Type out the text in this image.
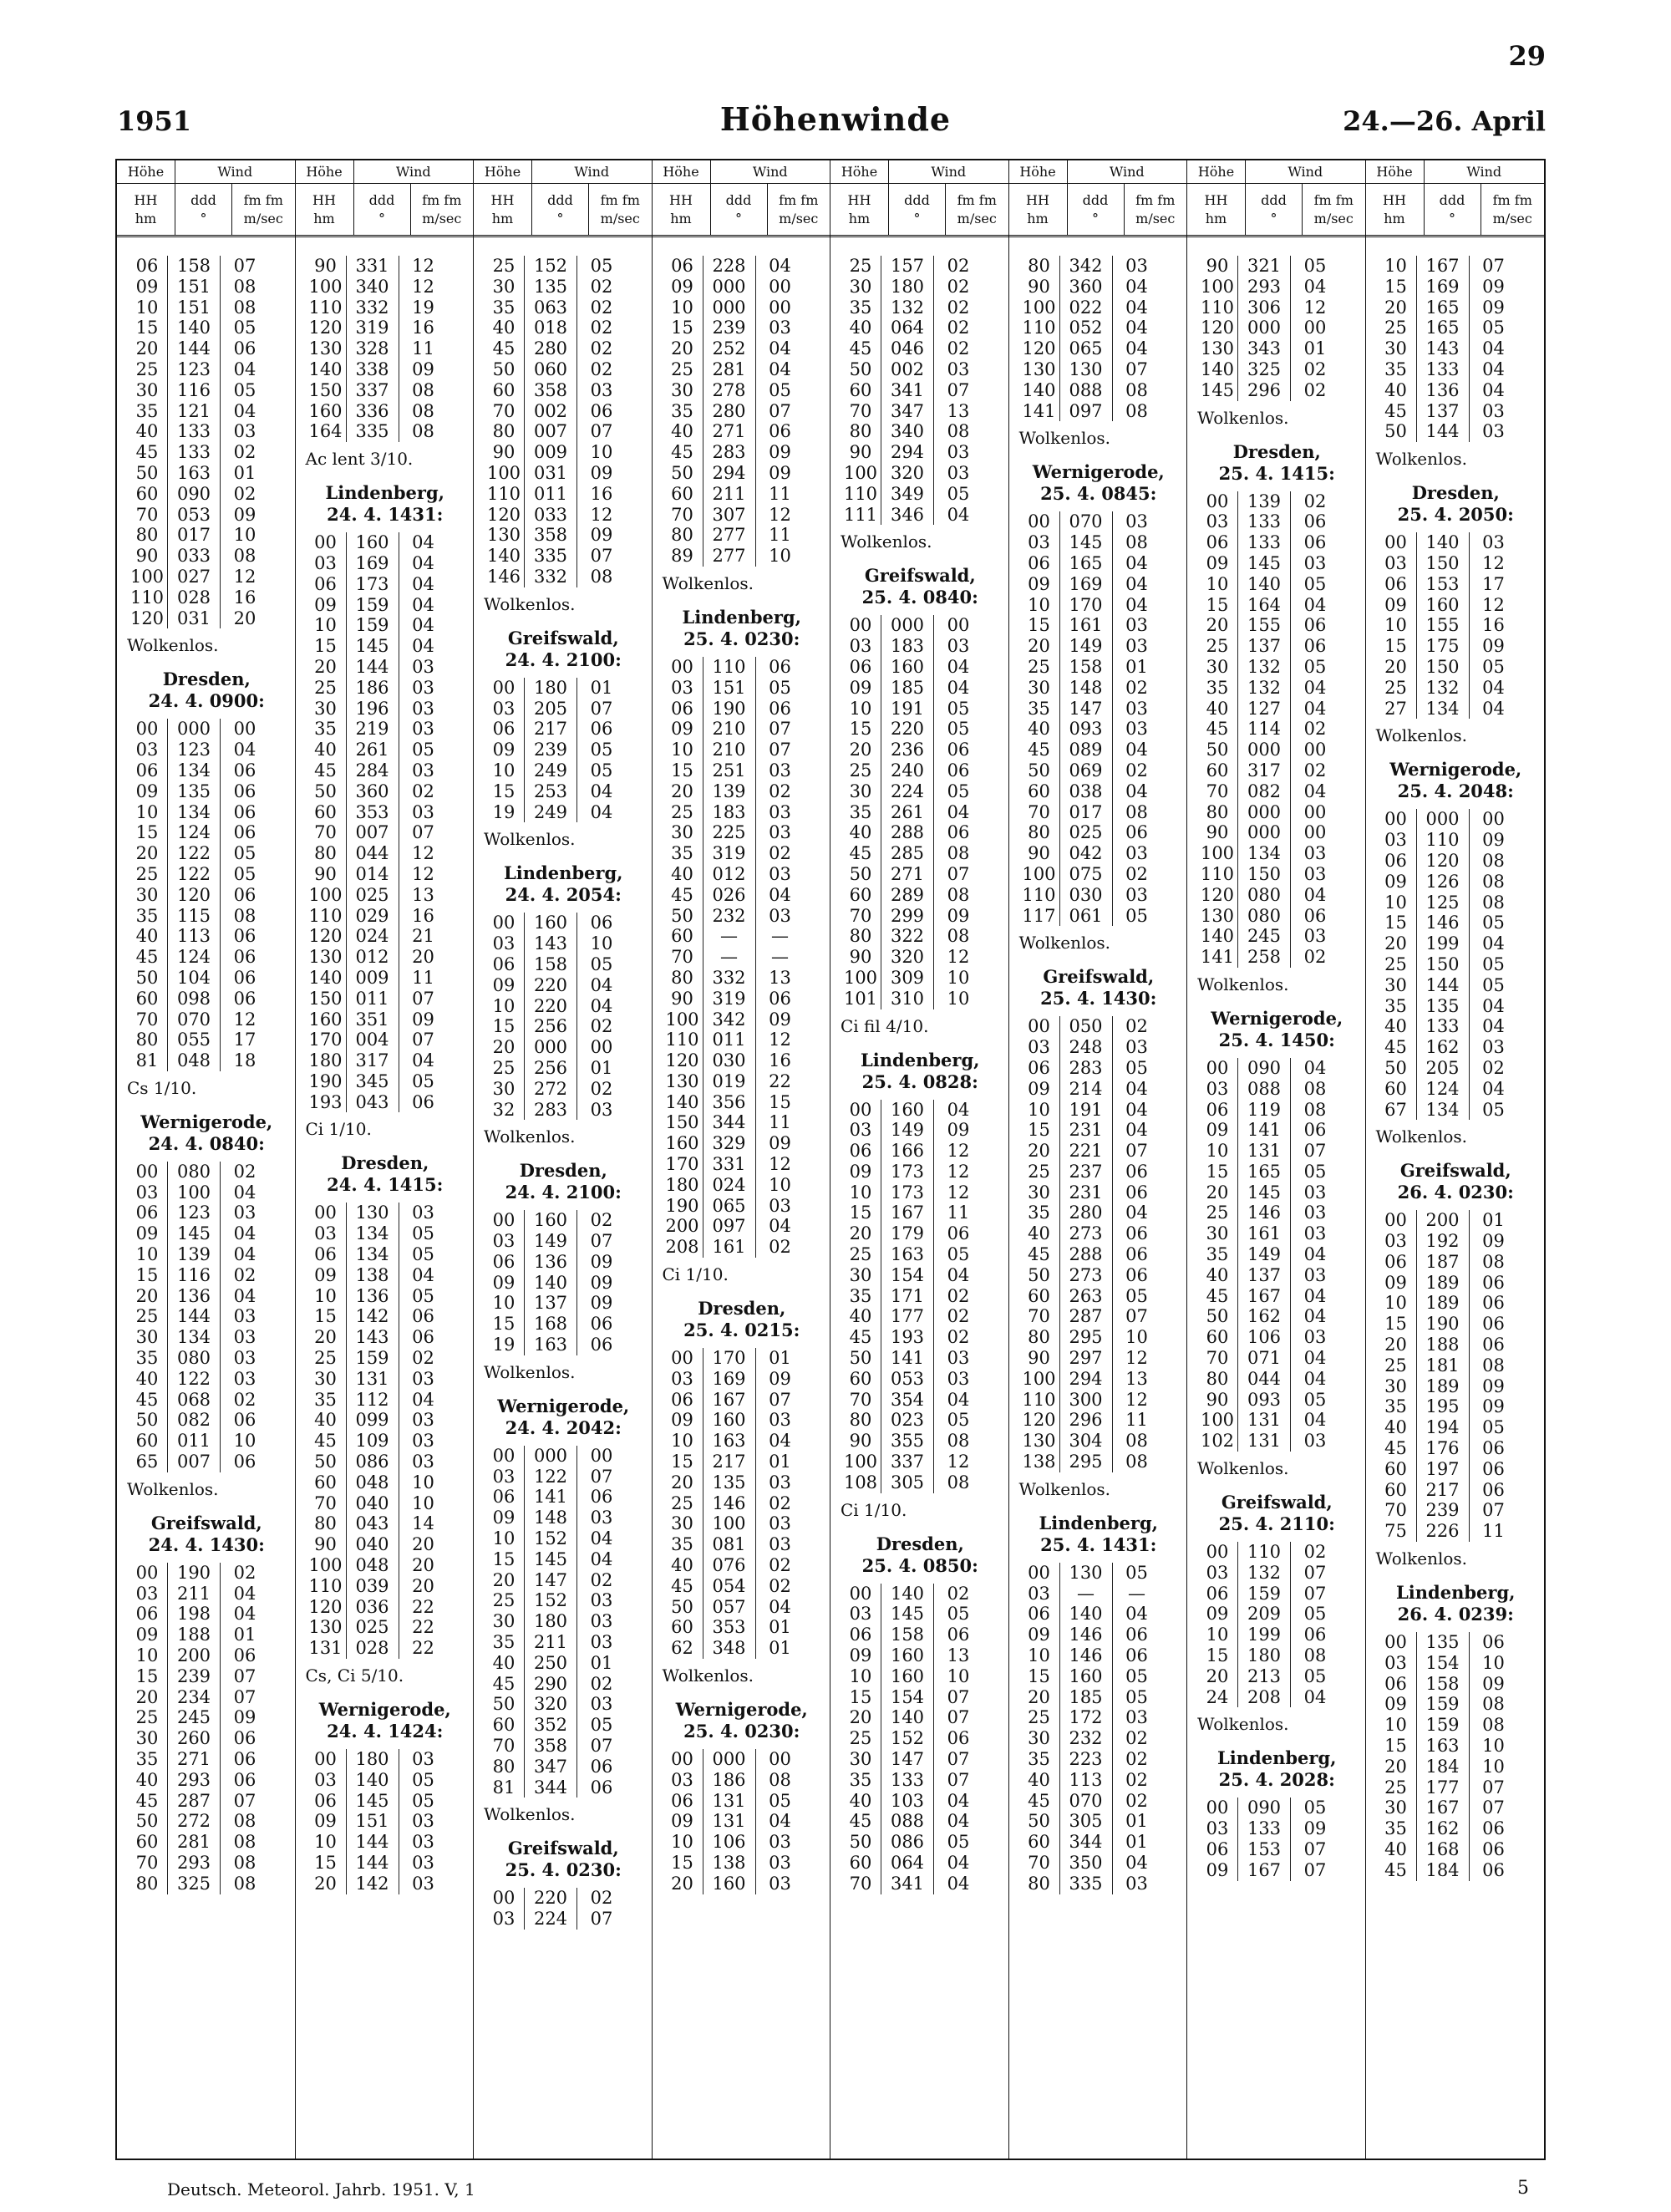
29
1951	Höhenwinde	24.—26. April
Höhe
HH
hm
Wind
ddd
°
fm fm
m/sec
06	158	07
09	151	08
10	151	08
15	140	05
20	144	06
25	123	04
30	116	05
35	121	04
40	133	03
45	133	02
50	163	01
60	090	02
70	053	09
80	017	10
90	033	08
100 027	12
110 028	16
120 031	20
Wolkenlos.
Dresden,
24. 4. 0900:
00	000	00
03	123	04
06	134	06
09	135	06
10	134	06
15	124	06
20	122	05
25	122	05
30	120	06
35	115	08
40	113	06
45	124	06
50	104	06
60	098	06
70	070	12
80	055	17
81	048	18
Cs 1/10.
Wernigerode,
24. 4. 0840:
00	080	02
03	100	04
06	123	03
09	145	04
10	139	04
15	116	02
20	136	04
25	144	03
30	134	03
35	080	03
40	122	03
45	068	02
50	082	06
60	011	10
65	007	06
Wolkenlos.
Greifswald,
24. 4. 1430:
00	190	02
03	211	04
06	198	04
09	188	01
10	200	06
15	239	07
20	234	07
25	245	09
30	260	06
35	271	06
40	293	06
45	287	07
50	272	08
60	281	08
70	293	08
80	325	08
Höhe
HH
hm
Wind
ddd
°
fm fm
m/sec
90	331	12
100 340	12
110 332	19
120 319	16
130 328	11
140 338	09
150 337	08
160 336	08
164 335	08
Ac lent 3/10.
Lindenberg,
24. 4. 1431:
00	160	04
03	169	04
06	173	04
09	159	04
10	159	04
15	145	04
20	144	03
25	186	03
30	196	03
35	219	03
40	261	05
45	284	03
50	360	02
60	353	03
70	007	07
80	044	12
90	014	12
100 025	13
110 029	16
120 024	21
130 012	20
140 009	11
150 011	07
160 351	09
170 004	07
180 317	04
190 345	05
193 043	06
Ci 1/10.
Dresden,
24. 4. 1415:
00	130	03
03	134	05
06	134	05
09	138	04
10	136	05
15	142	06
20	143	06
25	159	02
30	131	03
35	112	04
40	099	03
45	109	03
50	086	03
60	048	10
70	040	10
80	043	14
90	040	20
100 048	20
110 039	20
120 036	22
130 025	22
131 028	22
Cs, Ci 5/10.
Wernigerode,
24. 4. 1424:
00	180	03
03	140	05
06	145	05
09	151	03
10	144	03
15	144	03
20	142	03
Höhe
HH
hm
Wind
ddd
°
fm fm
m/sec
25	152	05
30	135	02
35	063	02
40	018	02
45	280	02
50	060	02
60	358	03
70	002	06
80	007	07
90	009	10
100 031	09
110 011	16
120 033	12
130 358	09
140 335	07
146 332	08
Wolkenlos.
Greifswald,
24. 4. 2100:
00	180	01
03	205	07
06	217	06
09	239	05
10	249	05
15	253	04
19	249	04
Wolkenlos.
Lindenberg,
24. 4. 2054:
00	160	06
03	143	10
06	158	05
09	220	04
10	220	04
15	256	02
20	000	00
25	256	01
30	272	02
32	283	03
Wolkenlos.
Dresden,
24. 4. 2100:
00	160	02
03	149	07
06	136	09
09	140	09
10	137	09
15	168	06
19	163	06
Wolkenlos.
Wernigerode,
24. 4. 2042:
00	000	00
03	122	07
06	141	06
09	148	03
10	152	04
15	145	04
20	147	02
25	152	03
30	180	03
35	211	03
40	250	01
45	290	02
50	320	03
60	352	05
70	358	07
80	347	06
81	344	06
Wolkenlos.
Greifswald,
25. 4. 0230:
00	220	02
03	224	07
Höhe
HH
hm
Wind
ddd
°
fm fm
m/sec
06	228	04
09	000	00
10	000	00
15	239	03
20	252	04
25	281	04
30	278	05
35	280	07
40	271	06
45	283	09
50	294	09
60	211	11
70	307	12
80	277	11
89	277	10
Wolkenlos.
Lindenberg,
25. 4. 0230:
00	110	06
03	151	05
06	190	06
09	210	07
10	210	07
15	251	03
20	139	02
25	183	03
30	225	03
35	319	02
40	012	03
45	026	04
50	232	03
60	—	—
70	—	—
80	332	13
90	319	06
100 342	09
110 011	12
120 030	16
130 019	22
140 356	15
150 344	11
160 329	09
170 331	12
180 024	10
190 065	03
200 097	04
208 161	02
Ci 1/10.
Dresden,
25. 4. 0215:
00	170	01
03	169	09
06	167	07
09	160	03
10	163	04
15	217	01
20	135	03
25	146	02
30	100	03
35	081	03
40	076	02
45	054	02
50	057	04
60	353	01
62	348	01
Wolkenlos.
Wernigerode,
25. 4. 0230:
00	000	00
03	186	08
06	131	05
09	131	04
10	106	03
15	138	03
20	160	03
Höhe
HH
hm
Wind
ddd
°
fm fm
m/sec
25	157	02
30	180	02
35	132	02
40	064	02
45	046	02
50	002	03
60	341	07
70	347	13
80	340	08
90	294	03
100 320	03
110 349	05
111 346	04
Wolkenlos.
Greifswald,
25. 4. 0840:
00	000	00
03	183	03
06	160	04
09	185	04
10	191	05
15	220	05
20	236	06
25	240	06
30	224	05
35	261	04
40	288	06
45	285	08
50	271	07
60	289	08
70	299	09
80	322	08
90	320	12
100 309	10
101 310	10
Ci fil 4/10.
Lindenberg,
25. 4. 0828:
00	160	04
03	149	09
06	166	12
09	173	12
10	173	12
15	167	11
20	179	06
25	163	05
30	154	04
35	171	02
40	177	02
45	193	02
50	141	03
60	053	03
70	354	04
80	023	05
90	355	08
100 337	12
108 305	08
Ci 1/10.
Dresden,
25. 4. 0850:
00	140	02
03	145	05
06	158	06
09	160	13
10	160	10
15	154	07
20	140	07
25	152	06
30	147	07
35	133	07
40	103	04
45	088	04
50	086	05
60	064	04
70	341	04
Höhe
HH
hm
Wind
ddd
°
fm fm
m/sec
80	342	03
90	360	04
100 022	04
110 052	04
120 065	04
130 130	07
140 088	08
141 097	08
Wolkenlos.
Wernigerode,
25. 4. 0845:
00	070	03
03	145	08
06	165	04
09	169	04
10	170	04
15	161	03
20	149	03
25	158	01
30	148	02
35	147	03
40	093	03
45	089	04
50	069	02
60	038	04
70	017	08
80	025	06
90	042	03
100 075	02
110 030	03
117 061	05
Wolkenlos.
Greifswald,
25. 4. 1430:
00	050	02
03	248	03
06	283	05
09	214	04
10	191	04
15	231	04
20	221	07
25	237	06
30	231	06
35	280	04
40	273	06
45	288	06
50	273	06
60	263	05
70	287	07
80	295	10
90	297	12
100 294	13
110 300	12
120 296	11
130 304	08
138 295	08
Wolkenlos.
Lindenberg,
25. 4. 1431:
00	130	05
03	—	—
06	140	04
09	146	06
10	146	06
15	160	05
20	185	05
25	172	03
30	232	02
35	223	02
40	113	02
45	070	02
50	305	01
60	344	01
70	350	04
80	335	03
Höhe
HH
hm
Wind
ddd
°
fm fm
m/sec
90	321	05
100 293	04
110 306	12
120 000	00
130 343	01
140 325	02
145 296	02
Wolkenlos.
Dresden,
25. 4. 1415:
00	139	02
03	133	06
06	133	06
09	145	03
10	140	05
15	164	04
20	155	06
25	137	06
30	132	05
35	132	04
40	127	04
45	114	02
50	000	00
60	317	02
70	082	04
80	000	00
90	000	00
100 134	03
110 150	03
120 080	04
130 080	06
140 245	03
141 258	02
Wolkenlos.
Wernigerode,
25. 4. 1450:
00	090	04
03	088	08
06	119	08
09	141	06
10	131	07
15	165	05
20	145	03
25	146	03
30	161	03
35	149	04
40	137	03
45	167	04
50	162	04
60	106	03
70	071	04
80	044	04
90	093	05
100 131	04
102 131	03
Wolkenlos.
Greifswald,
25. 4. 2110:
00	110	02
03	132	07
06	159	07
09	209	05
10	199	06
15	180	08
20	213	05
24	208	04
Wolkenlos.
Lindenberg,
25. 4. 2028:
00	090	05
03	133	09
06	153	07
09	167	07
Höhe
HH
hm
Wind
ddd
°
fm fm
m/sec
10	167	07
15	169	09
20	165	09
25	165	05
30	143	04
35	133	04
40	136	04
45	137	03
50	144	03
Wolkenlos.
Dresden,
25. 4. 2050:
00	140	03
03	150	12
06	153	17
09	160	12
10	155	16
15	175	09
20	150	05
25	132	04
27	134	04
Wolkenlos.
Wernigerode,
25. 4. 2048:
00	000	00
03	110	09
06	120	08
09	126	08
10	125	08
15	146	05
20	199	04
25	150	05
30	144	05
35	135	04
40	133	04
45	162	03
50	205	02
60	124	04
67	134	05
Wolkenlos.
Greifswald,
26. 4. 0230:
00	200	01
03	192	09
06	187	08
09	189	06
10	189	06
15	190	06
20	188	06
25	181	08
30	189	09
35	195	09
40	194	05
45	176	06
60	197	06
60	217	06
70	239	07
75	226	11
Wolkenlos.
Lindenberg,
26. 4. 0239:
00	135	06
03	154	10
06	158	09
09	159	08
10	159	08
15	163	10
20	184	10
25	177	07
30	167	07
35	162	06
40	168	06
45	184	06
Deutsch. Meteorol. Jahrb. 1951. V, 1	5
